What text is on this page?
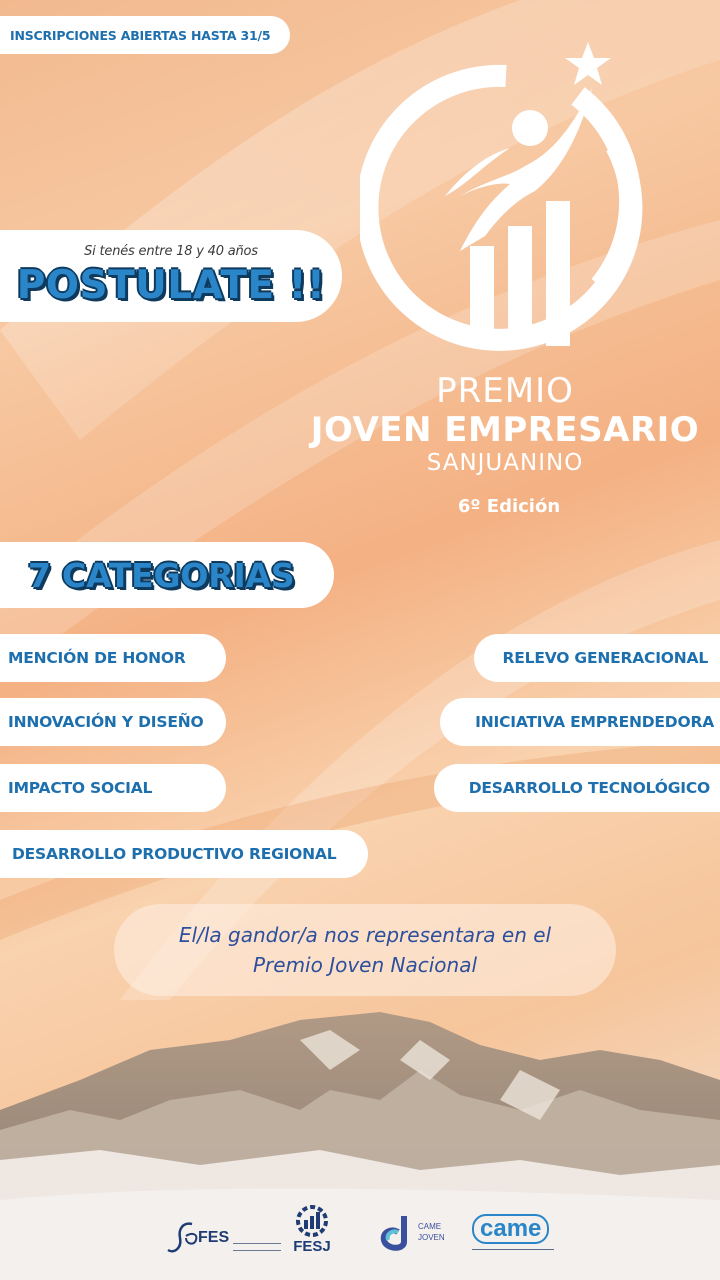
INSCRIPCIONES ABIERTAS HASTA 31/5
Si tenés entre 18 y 40 años
POSTULATE !!
PREMIO
JOVEN EMPRESARIO
SANJUANINO
6º Edición
7 CATEGORIAS
MENCIÓN DE HONOR
INNOVACIÓN Y DISEÑO
IMPACTO SOCIAL
DESARROLLO PRODUCTIVO REGIONAL
RELEVO GENERACIONAL
INICIATIVA EMPRENDEDORA
DESARROLLO TECNOLÓGICO
El/la gandor/a nos representara en el
Premio Joven Nacional
FES
FESJ
CAME
JOVEN	came
